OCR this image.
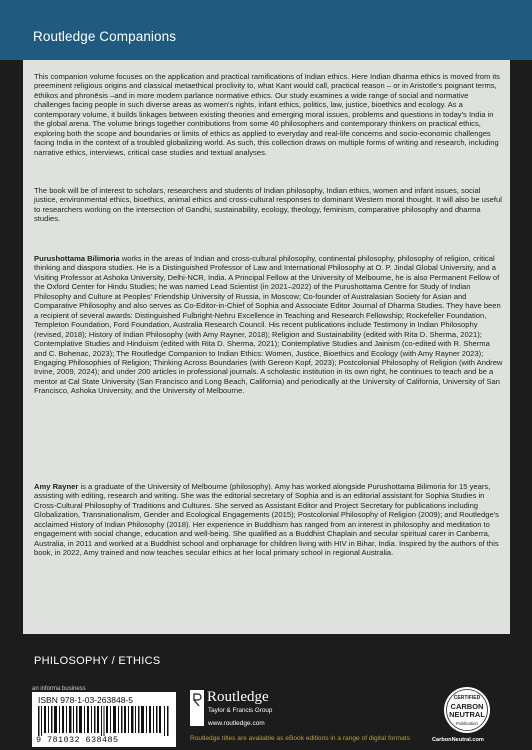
Routledge Companions
This companion volume focuses on the application and practical ramifications of Indian ethics. Here Indian dharma ethics is moved from its preeminent religious origins and classical metaethical proclivity to, what Kant would call, practical reason – or in Aristotle's poignant terms, ēthikos and phronēsis –and in more modern parlance normative ethics. Our study examines a wide range of social and normative challenges facing people in such diverse areas as women's rights, infant ethics, politics, law, justice, bioethics and ecology. As a contemporary volume, it builds linkages between existing theories and emerging moral issues, problems and questions in today's India in the global arena. The volume brings together contributions from some 40 philosophers and contemporary thinkers on practical ethics, exploring both the scope and boundaries or limits of ethics as applied to everyday and real-life concerns and socio-economic challenges facing India in the context of a troubled globalizing world. As such, this collection draws on multiple forms of writing and research, including narrative ethics, interviews, critical case studies and textual analyses.
The book will be of interest to scholars, researchers and students of Indian philosophy, Indian ethics, women and infant issues, social justice, environmental ethics, bioethics, animal ethics and cross-cultural responses to dominant Western moral thought. It will also be useful to researchers working on the intersection of Gandhi, sustainability, ecology, theology, feminism, comparative philosophy and dharma studies.
Purushottama Bilimoria works in the areas of Indian and cross-cultural philosophy, continental philosophy, philosophy of religion, critical thinking and diaspora studies. He is a Distinguished Professor of Law and International Philosophy at O. P. Jindal Global University, and a Visiting Professor at Ashoka University, Delhi-NCR, India. A Principal Fellow at the University of Melbourne, he is also Permanent Fellow of the Oxford Center for Hindu Studies; he was named Lead Scientist (in 2021–2022) of the Purushottama Centre for Study of Indian Philosophy and Culture at Peoples' Friendship University of Russia, in Moscow; Co-founder of Australasian Society for Asian and Comparative Philosophy and also serves as Co-Editor-in-Chief of Sophia and Associate Editor Journal of Dharma Studies. They have been a recipient of several awards: Distinguished Fulbright-Nehru Excellence in Teaching and Research Fellowship; Rockefeller Foundation, Templeton Foundation, Ford Foundation, Australia Research Council. His recent publications include Testimony in Indian Philosophy (revised, 2018); History of Indian Philosophy (with Amy Rayner, 2018); Religion and Sustainability (edited with Rita D. Sherma, 2021); Contemplative Studies and Hinduism (edited with Rita D. Sherma, 2021); Contemplative Studies and Jainism (co-edited with R. Sherma and C. Bohenac, 2023); The Routledge Companion to Indian Ethics: Women, Justice, Bioethics and Ecology (with Amy Rayner 2023); Engaging Philosophies of Religion; Thinking Across Boundaries (with Gereon Kopf, 2023); Postcolonial Philosophy of Religion (with Andrew Irvine, 2009, 2024); and under 200 articles in professional journals. A scholastic institution in its own right, he continues to teach and be a mentor at Cal State University (San Francisco and Long Beach, California) and periodically at the University of California, University of San Francisco, Ashoka University, and the University of Melbourne.
Amy Rayner is a graduate of the University of Melbourne (philosophy). Amy has worked alongside Purushottama Bilimoria for 15 years, assisting with editing, research and writing. She was the editorial secretary of Sophia and is an editorial assistant for Sophia Studies in Cross-Cultural Philosophy of Traditions and Cultures. She served as Assistant Editor and Project Secretary for publications including Globalization, Transnationalism, Gender and Ecological Engagements (2015); Postcolonial Philosophy of Religion (2009); and Routledge's acclaimed History of Indian Philosophy (2018). Her experience in Buddhism has ranged from an interest in philosophy and meditation to engagement with social change, education and well-being. She qualified as a Buddhist Chaplain and secular spiritual carer in Canberra, Australia, in 2011 and worked at a Buddhist school and orphanage for children living with HIV in Bihar, India. Inspired by the authors of this book, in 2022, Amy trained and now teaches secular ethics at her local primary school in regional Australia.
PHILOSOPHY / ETHICS
an informa business
ISBN 978-1-03-263848-5
9 781032 638485
Routledge
Taylor & Francis Group
www.routledge.com
Routledge titles are available as eBook editions in a range of digital formats
CERTIFIED
CARBON
NEUTRAL
Publication
CarbonNeutral.com
